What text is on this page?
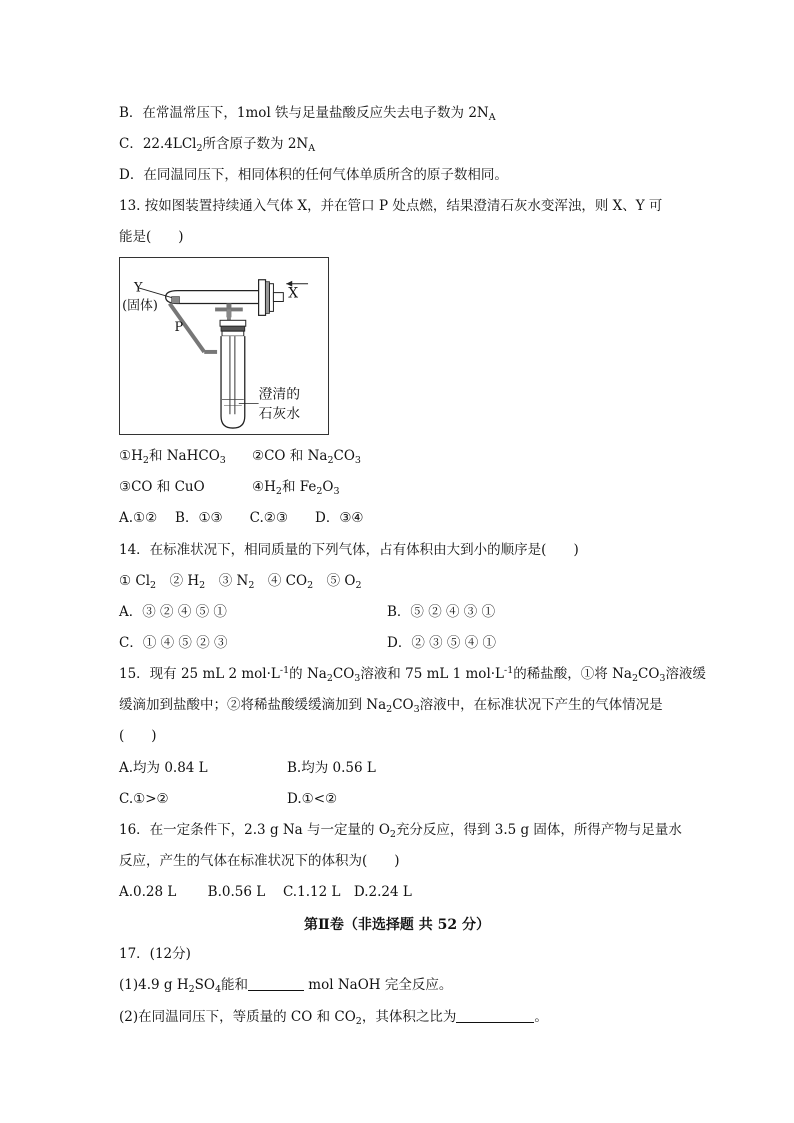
B．在常温常压下，1mol 铁与足量盐酸反应失去电子数为 $2N_A$
C．22.4LCl$_2$所含原子数为 $2N_A$
D．在同温同压下，相同体积的任何气体单质所含的原子数相同。
13. 按如图装置持续通入气体 X，并在管口 P 处点燃，结果澄清石灰水变浑浊，则 X、Y 可
能是(　　)
Y
(固体)
P
X
澄清的
石灰水
$①H_2$和 NaHCO$_3$ ②CO 和 $Na_2CO_3$
③CO 和 CuO	$④H_2$和 $Fe_2O_3$
A.①②　 B．①③　　C.②③　　D．③④
14．在标准状况下，相同质量的下列气体，占有体积由大到小的顺序是(　　)
① $Cl_2$　② $H_2$　③ $N_2$　④ $CO_2$　⑤ $O_2$
A．③ ② ④ ⑤ ①	B．⑤ ② ④ ③ ①
C．① ④ ⑤ ② ③	D．② ③ ⑤ ④ ①
15．现有 25 mL 2 $mol\cdot L^{-1}$的 $Na_2CO_3$溶液和 75 mL 1 $mol\cdot L^{-1}$的稀盐酸，①将 $Na_2CO_3$溶液缓
缓滴加到盐酸中；②将稀盐酸缓缓滴加到 $Na_2CO_3$溶液中，在标准状况下产生的气体情况是
(　　)
A.均为 0.84 L	B.均为 0.56 L
C.①>②	D.①<②
16．在一定条件下，2.3 g Na 与一定量的 $O_2$充分反应，得到 3.5 g 固体，所得产物与足量水
反应，产生的气体在标准状况下的体积为(　　)
A.0.28 L　　 B.0.56 L　 C.1.12 L　D.2.24 L
第Ⅱ卷（非选择题 共 52 分）
17．(12分)
(1)4.9 g $H_2SO_4$能和	mol NaOH 完全反应。
(2)在同温同压下，等质量的 CO 和 $CO_2$，其体积之比为	。
